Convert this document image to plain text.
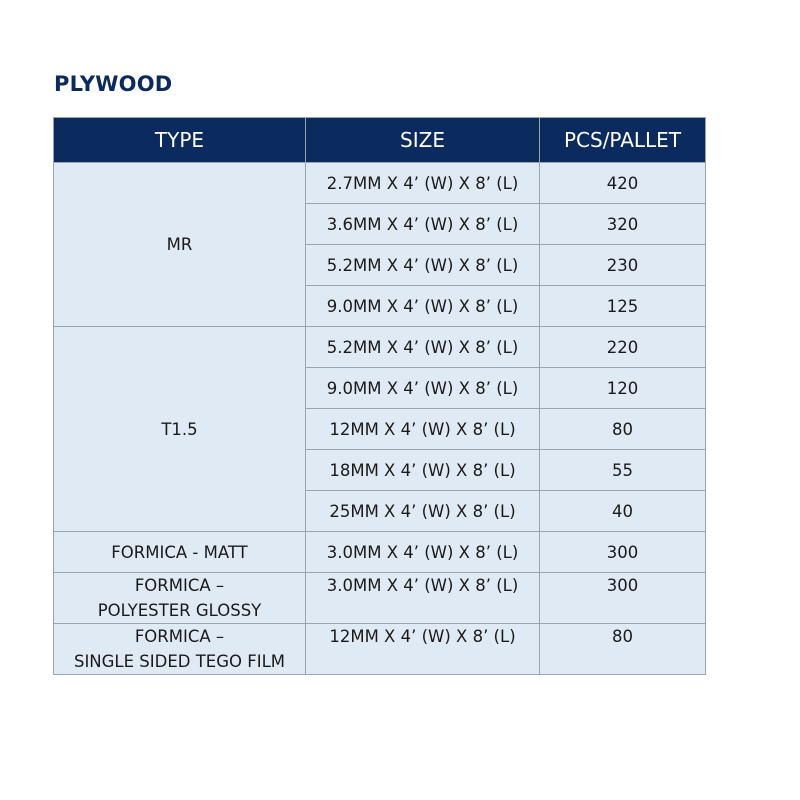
PLYWOOD
TYPE	SIZE	PCS/PALLET

MR	2.7MM X 4’ (W) X 8’ (L)	420
	3.6MM X 4’ (W) X 8’ (L)	320
	5.2MM X 4’ (W) X 8’ (L)	230
	9.0MM X 4’ (W) X 8’ (L)	125

T1.5	5.2MM X 4’ (W) X 8’ (L)	220
	9.0MM X 4’ (W) X 8’ (L)	120
	12MM X 4’ (W) X 8’ (L)	80
	18MM X 4’ (W) X 8’ (L)	55
	25MM X 4’ (W) X 8’ (L)	40

FORMICA - MATT	3.0MM X 4’ (W) X 8’ (L)	300

FORMICA –
POLYESTER GLOSSY	3.0MM X 4’ (W) X 8’ (L)	300

FORMICA –
SINGLE SIDED TEGO FILM	12MM X 4’ (W) X 8’ (L)	80
